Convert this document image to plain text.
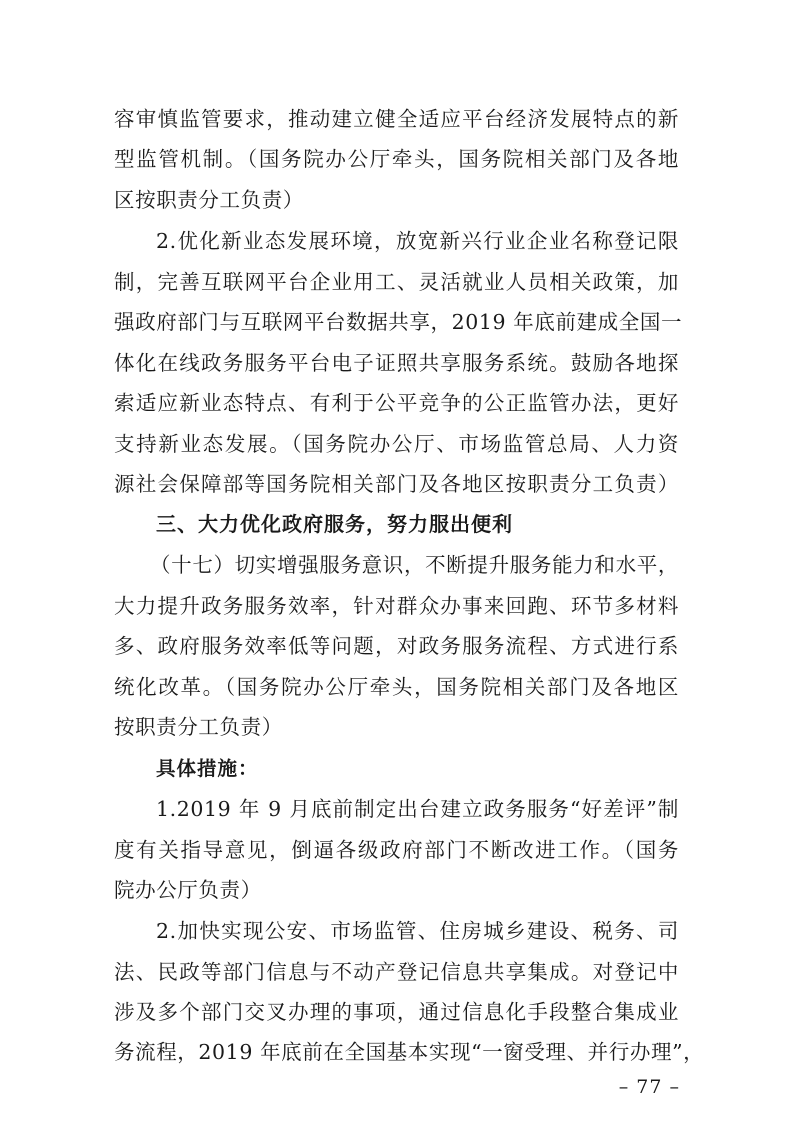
容审慎监管要求，推动建立健全适应平台经济发展特点的新
型监管机制。（国务院办公厅牵头，国务院相关部门及各地
区按职责分工负责）
2.优化新业态发展环境，放宽新兴行业企业名称登记限
制，完善互联网平台企业用工、灵活就业人员相关政策，加
强政府部门与互联网平台数据共享，2019 年底前建成全国一
体化在线政务服务平台电子证照共享服务系统。鼓励各地探
索适应新业态特点、有利于公平竞争的公正监管办法，更好
支持新业态发展。（国务院办公厅、市场监管总局、人力资
源社会保障部等国务院相关部门及各地区按职责分工负责）
三、大力优化政府服务，努力服出便利
（十七）切实增强服务意识，不断提升服务能力和水平，
大力提升政务服务效率，针对群众办事来回跑、环节多材料
多、政府服务效率低等问题，对政务服务流程、方式进行系
统化改革。（国务院办公厅牵头，国务院相关部门及各地区
按职责分工负责）
具体措施：
1.2019 年 9 月底前制定出台建立政务服务“好差评”制
度有关指导意见，倒逼各级政府部门不断改进工作。（国务
院办公厅负责）
2.加快实现公安、市场监管、住房城乡建设、税务、司
法、民政等部门信息与不动产登记信息共享集成。对登记中
涉及多个部门交叉办理的事项，通过信息化手段整合集成业
务流程，2019 年底前在全国基本实现“一窗受理、并行办理”，
– 77 –
